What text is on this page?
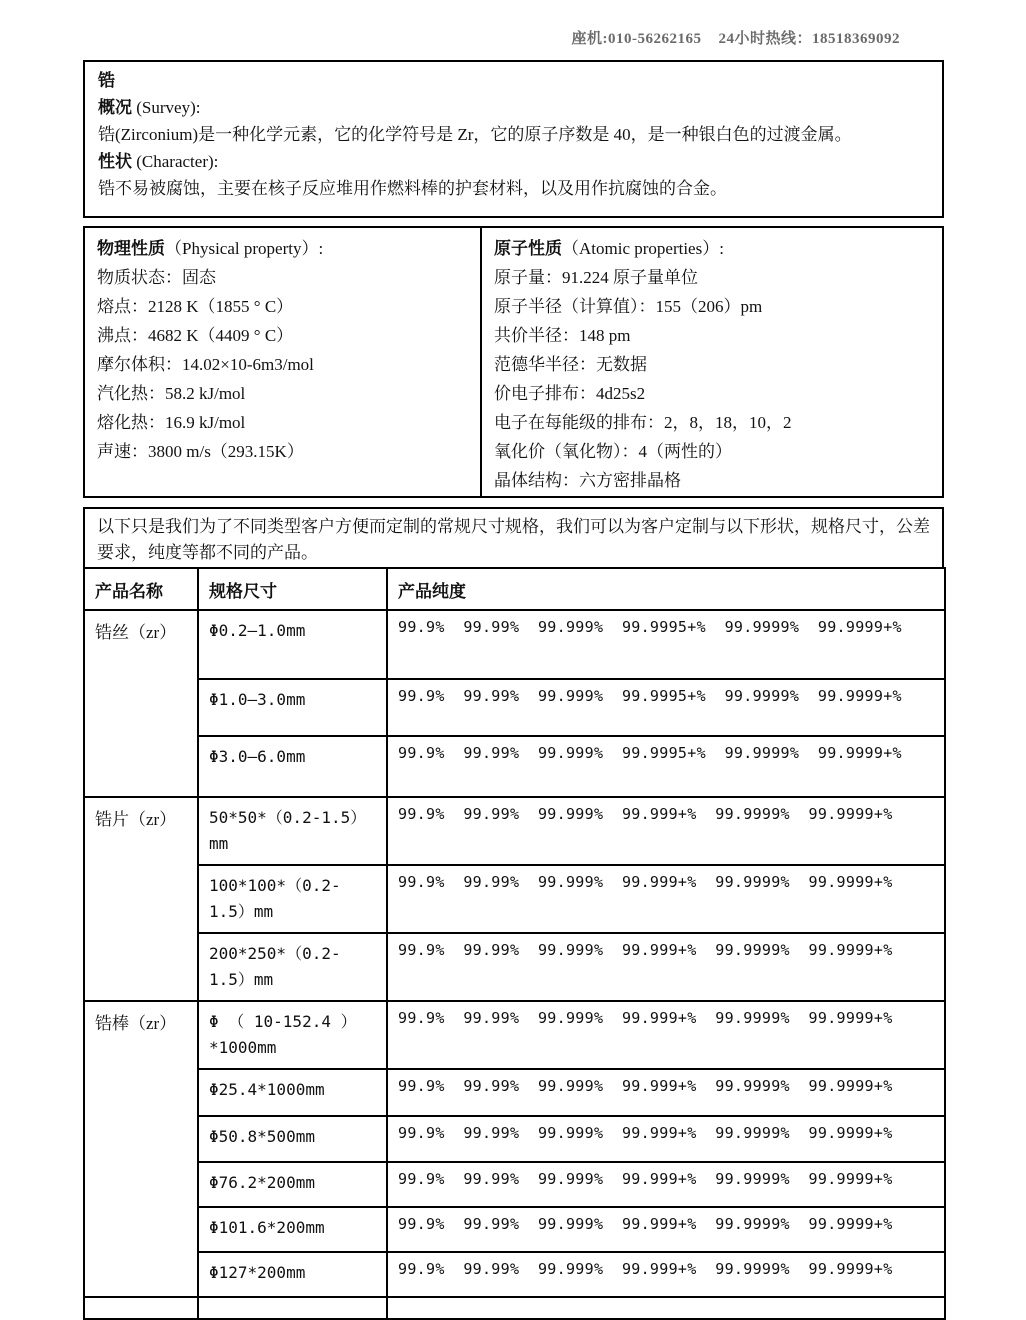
座机:010-56262165    24小时热线：18518369092
锆
概况 (Survey):
锆(Zirconium)是一种化学元素，它的化学符号是 Zr，它的原子序数是 40，是一种银白色的过渡金属。
性状 (Character):
锆不易被腐蚀，主要在核子反应堆用作燃料棒的护套材料，以及用作抗腐蚀的合金。
物理性质（Physical property）:
物质状态：固态
熔点：2128 K（1855 ° C）
沸点：4682 K（4409 ° C）
摩尔体积：14.02×10-6m3/mol
汽化热：58.2 kJ/mol
熔化热：16.9 kJ/mol
声速：3800 m/s（293.15K）
原子性质（Atomic properties）:
原子量：91.224 原子量单位
原子半径（计算值）：155（206）pm
共价半径：148 pm
范德华半径：无数据
价电子排布：4d25s2
电子在每能级的排布：2，8，18，10，2
氧化价（氧化物）：4（两性的）
晶体结构：六方密排晶格
以下只是我们为了不同类型客户方便而定制的常规尺寸规格，我们可以为客户定制与以下形状，规格尺寸，公差要求，纯度等都不同的产品。
产品名称	规格尺寸	产品纯度
锆丝（zr）	Φ0.2—1.0mm	99.9%  99.99%  99.999%  99.9995+%  99.9999%  99.9999+%
	Φ1.0—3.0mm	99.9%  99.99%  99.999%  99.9995+%  99.9999%  99.9999+%
	Φ3.0—6.0mm	99.9%  99.99%  99.999%  99.9995+%  99.9999%  99.9999+%
锆片（zr）	50*50*（0.2-1.5）mm	99.9%  99.99%  99.999%  99.999+%  99.9999%  99.9999+%
	100*100*（0.2-1.5）mm	99.9%  99.99%  99.999%  99.999+%  99.9999%  99.9999+%
	200*250*（0.2-1.5）mm	99.9%  99.99%  99.999%  99.999+%  99.9999%  99.9999+%
锆棒（zr）	Φ （ 10-152.4 ）*1000mm	99.9%  99.99%  99.999%  99.999+%  99.9999%  99.9999+%
	Φ25.4*1000mm	99.9%  99.99%  99.999%  99.999+%  99.9999%  99.9999+%
	Φ50.8*500mm	99.9%  99.99%  99.999%  99.999+%  99.9999%  99.9999+%
	Φ76.2*200mm	99.9%  99.99%  99.999%  99.999+%  99.9999%  99.9999+%
	Φ101.6*200mm	99.9%  99.99%  99.999%  99.999+%  99.9999%  99.9999+%
	Φ127*200mm	99.9%  99.99%  99.999%  99.999+%  99.9999%  99.9999+%
